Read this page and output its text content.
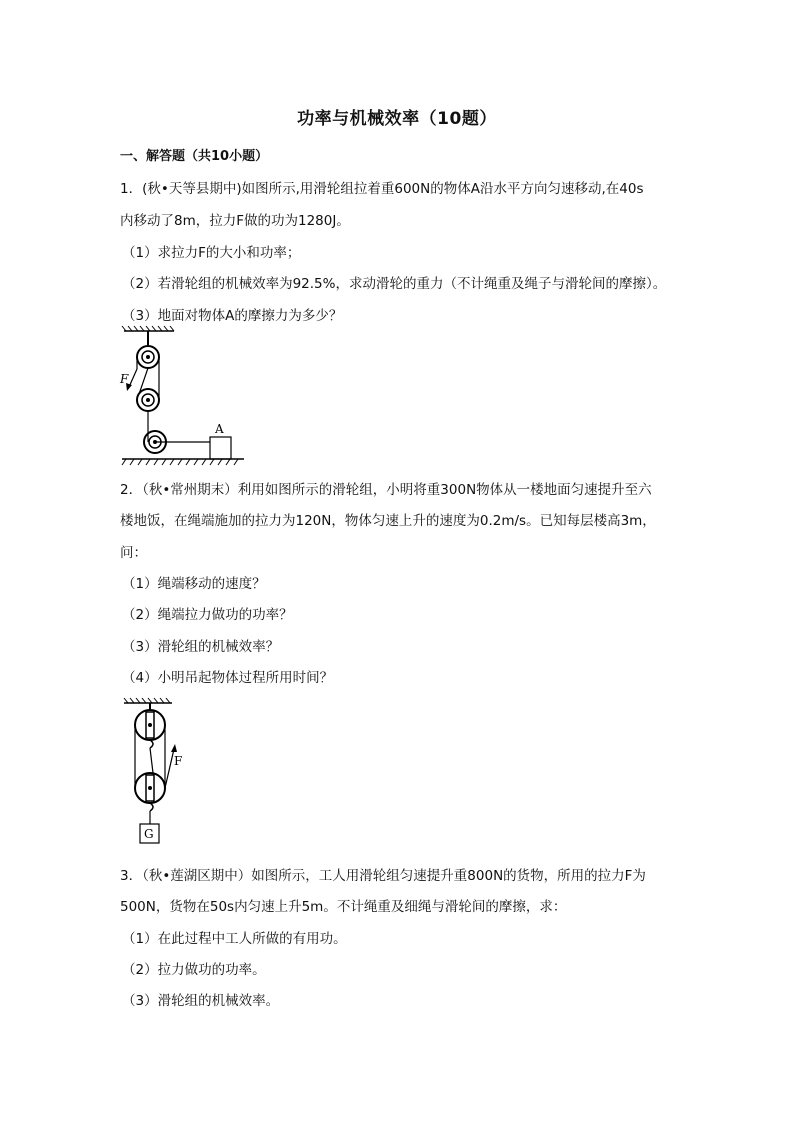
功率与机械效率（10题）
一、解答题（共10小题）
1．(秋•天等县期中)如图所示,用滑轮组拉着重600N的物体A沿水平方向匀速移动,在40s
内移动了8m，拉力F做的功为1280J。
（1）求拉力F的大小和功率；
（2）若滑轮组的机械效率为92.5%，求动滑轮的重力（不计绳重及绳子与滑轮间的摩擦）。
（3）地面对物体A的摩擦力为多少？
F
A
2．（秋•常州期末）利用如图所示的滑轮组，小明将重300N物体从一楼地面匀速提升至六
楼地饭，在绳端施加的拉力为120N，物体匀速上升的速度为0.2m/s。已知每层楼高3m，
问：
（1）绳端移动的速度？
（2）绳端拉力做功的功率？
（3）滑轮组的机械效率？
（4）小明吊起物体过程所用时间？
F
G
3．（秋•莲湖区期中）如图所示，工人用滑轮组匀速提升重800N的货物，所用的拉力F为
500N，货物在50s内匀速上升5m。不计绳重及细绳与滑轮间的摩擦，求：
（1）在此过程中工人所做的有用功。
（2）拉力做功的功率。
（3）滑轮组的机械效率。
